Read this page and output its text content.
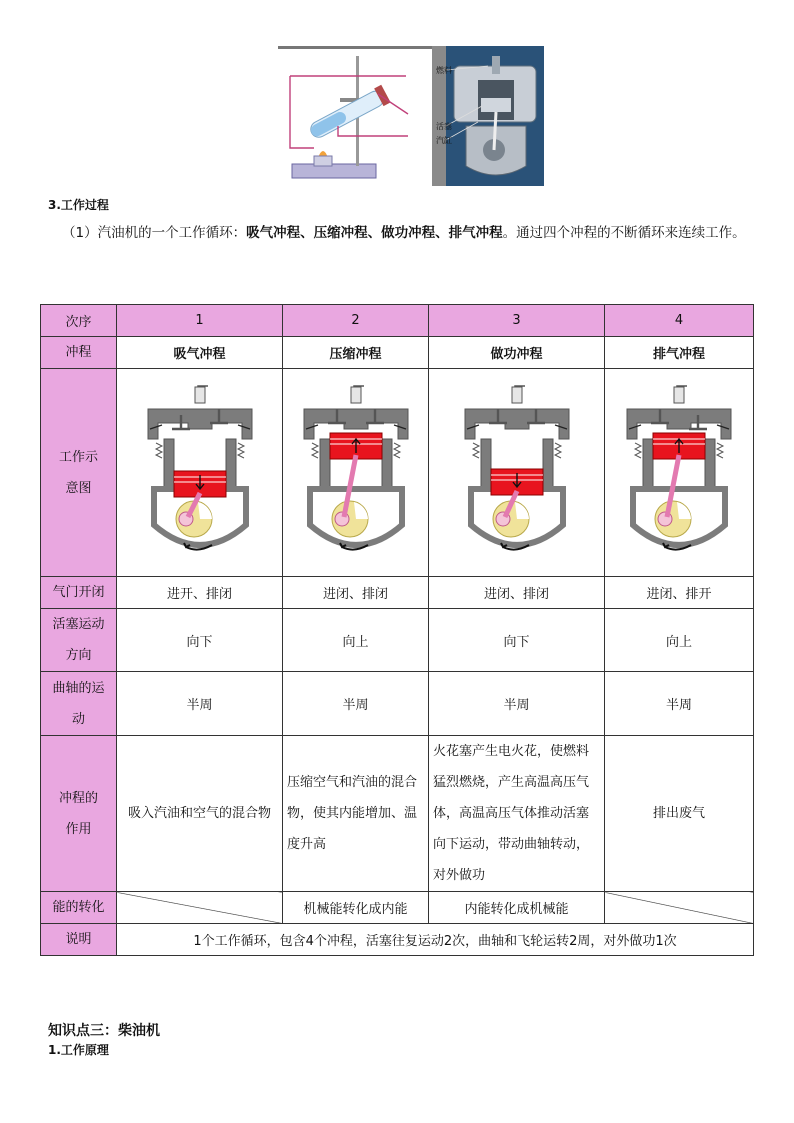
燃料
活塞
汽缸
3.工作过程
（1）汽油机的一个工作循环：吸气冲程、压缩冲程、做功冲程、排气冲程。通过四个冲程的不断循环来连续工作。
次序	1	2	3	4
冲程	吸气冲程	压缩冲程	做功冲程	排气冲程
工作示意图	

气门开闭	进开、排闭	进闭、排闭	进闭、排闭	进闭、排开
活塞运动方向	向下	向上	向下	向上
曲轴的运动	半周	半周	半周	半周
冲程的作用	吸入汽油和空气的混合物	压缩空气和汽油的混合物，使其内能增加、温度升高	火花塞产生电火花，使燃料猛烈燃烧，产生高温高压气体，高温高压气体推动活塞向下运动，带动曲轴转动，对外做功	排出废气
能的转化		机械能转化成内能	内能转化成机械能	
说明	1个工作循环，包含4个冲程，活塞往复运动2次，曲轴和飞轮运转2周，对外做功1次			
知识点三：柴油机
1.工作原理
